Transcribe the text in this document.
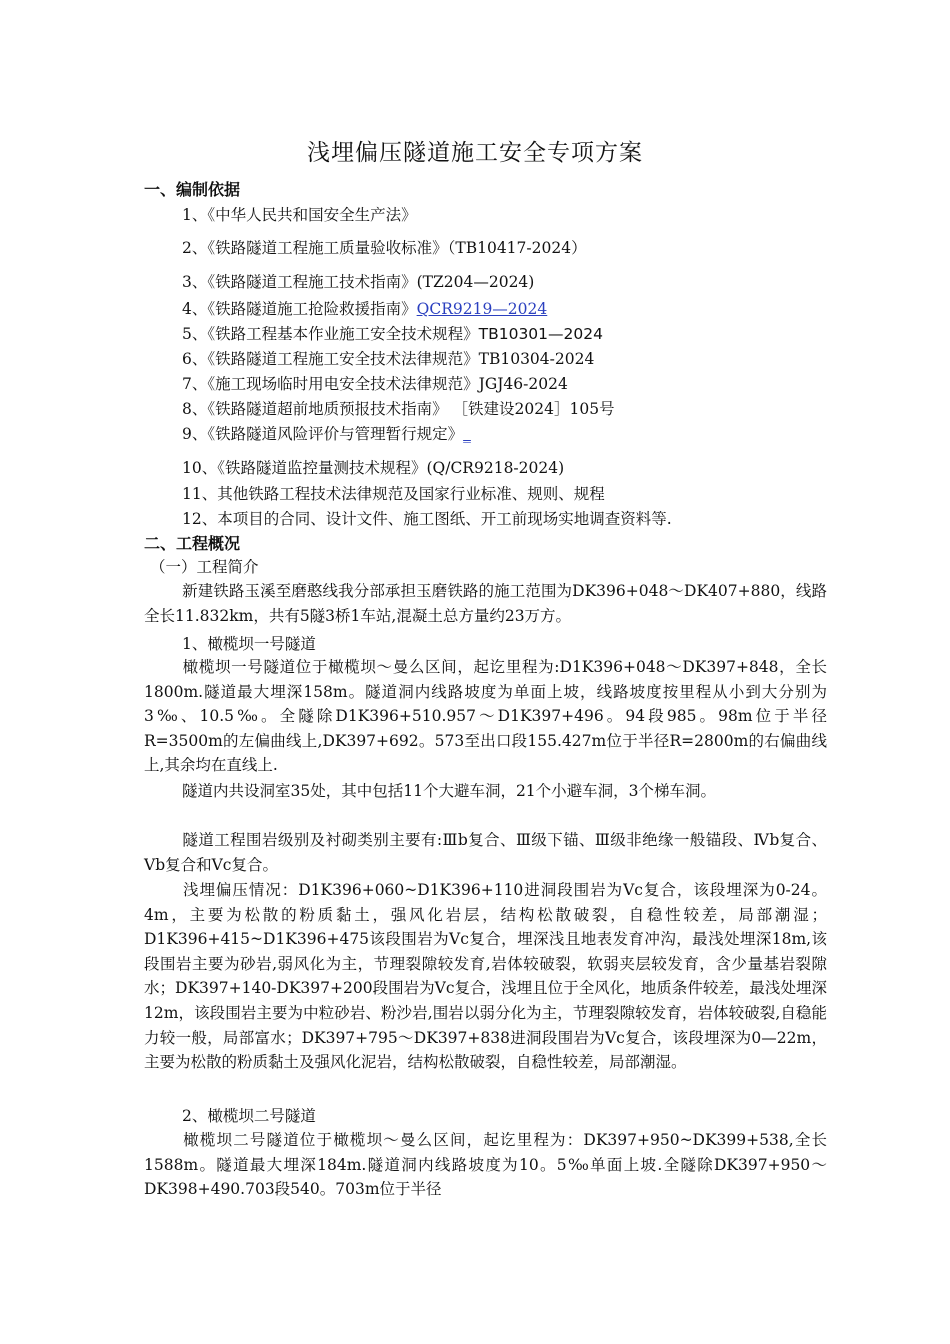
浅埋偏压隧道施工安全专项方案
一、编制依据
1、《中华人民共和国安全生产法》
2、《铁路隧道工程施工质量验收标准》（TB10417-2024）
3、《铁路隧道工程施工技术指南》(TZ204—2024)
4、《铁路隧道施工抢险救援指南》QCR9219—2024
5、《铁路工程基本作业施工安全技术规程》TB10301—2024
6、《铁路隧道工程施工安全技术法律规范》TB10304-2024
7、《施工现场临时用电安全技术法律规范》JGJ46-2024
8、《铁路隧道超前地质预报技术指南》 ［铁建设2024］105号
9、《铁路隧道风险评价与管理暂行规定》_
10、《铁路隧道监控量测技术规程》(Q/CR9218-2024)
11、其他铁路工程技术法律规范及国家行业标准、规则、规程
12、本项目的合同、设计文件、施工图纸、开工前现场实地调查资料等.
二、工程概况
（一）工程简介
新建铁路玉溪至磨憨线我分部承担玉磨铁路的施工范围为DK396+048～DK407+880，线路全长11.832km，共有5隧3桥1车站,混凝土总方量约23万方。
1、橄榄坝一号隧道
橄榄坝一号隧道位于橄榄坝～曼么区间，起讫里程为:D1K396+048～DK397+848，全长1800m.隧道最大埋深158m。隧道洞内线路坡度为单面上坡，线路坡度按里程从小到大分别为3‰、10.5‰。全隧除D1K396+510.957～D1K397+496。94段985。98m位于半径R=3500m的左偏曲线上,DK397+692。573至出口段155.427m位于半径R=2800m的右偏曲线上,其余均在直线上.
隧道内共设洞室35处，其中包括11个大避车洞，21个小避车洞，3个梯车洞。
隧道工程围岩级别及衬砌类别主要有:Ⅲb复合、Ⅲ级下锚、Ⅲ级非绝缘一般锚段、Ⅳb复合、Ⅴb复合和Ⅴc复合。
浅埋偏压情况：D1K396+060~D1K396+110进洞段围岩为Vc复合，该段埋深为0-24。4m，主要为松散的粉质黏土，强风化岩层，结构松散破裂，自稳性较差，局部潮湿；D1K396+415~D1K396+475该段围岩为Vc复合，埋深浅且地表发育冲沟，最浅处埋深18m,该段围岩主要为砂岩,弱风化为主，节理裂隙较发育,岩体较破裂，软弱夹层较发育，含少量基岩裂隙水；DK397+140-DK397+200段围岩为Vc复合，浅埋且位于全风化，地质条件较差，最浅处埋深12m，该段围岩主要为中粒砂岩、粉沙岩,围岩以弱分化为主，节理裂隙较发育，岩体较破裂,自稳能力较一般，局部富水；DK397+795～DK397+838进洞段围岩为Vc复合，该段埋深为0—22m，主要为松散的粉质黏土及强风化泥岩，结构松散破裂，自稳性较差，局部潮湿。
2、橄榄坝二号隧道
橄榄坝二号隧道位于橄榄坝～曼么区间，起讫里程为：DK397+950~DK399+538,全长1588m。隧道最大埋深184m.隧道洞内线路坡度为10。5‰单面上坡.全隧除DK397+950～DK398+490.703段540。703m位于半径
